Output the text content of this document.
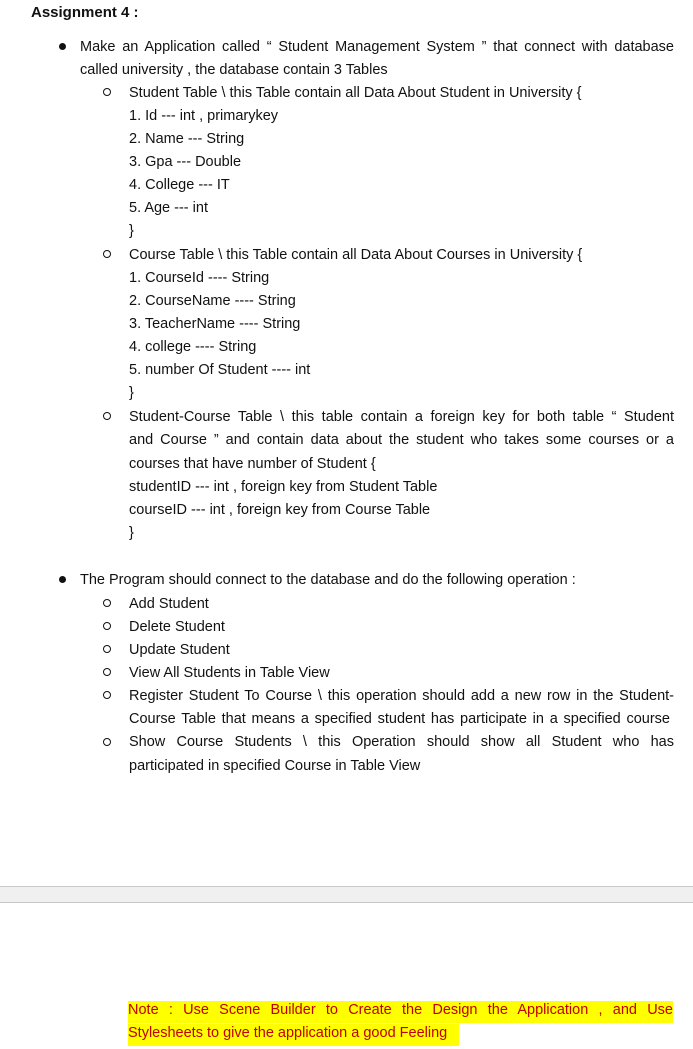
Assignment 4 :
Make an Application called “ Student Management System ” that connect with database
called university , the database contain 3 Tables
Student Table \ this Table contain all Data About Student in University {
1. Id --- int , primarykey
2. Name --- String
3. Gpa --- Double
4. College --- IT
5. Age --- int
}
Course Table \ this Table contain all Data About Courses in University {
1. CourseId ---- String
2. CourseName ---- String
3. TeacherName ---- String
4. college ---- String
5. number Of Student ---- int
}
Student-Course Table \ this table contain a foreign key for both table “ Student
and Course ” and contain data about the student who takes some courses or a
courses that have number of Student {
studentID --- int , foreign key from Student Table
courseID --- int , foreign key from Course Table
}
The Program should connect to the database and do the following operation :
Add Student
Delete Student
Update Student
View All Students in Table View
Register Student To Course \ this operation should add a new row in the Student-
Course Table that means a specified student has participate in a specified course
Show Course Students \ this Operation should show all Student who has
participated in specified Course in Table View
Note : Use Scene Builder to Create the Design the Application , and Use
Stylesheets to give the application a good Feeling
